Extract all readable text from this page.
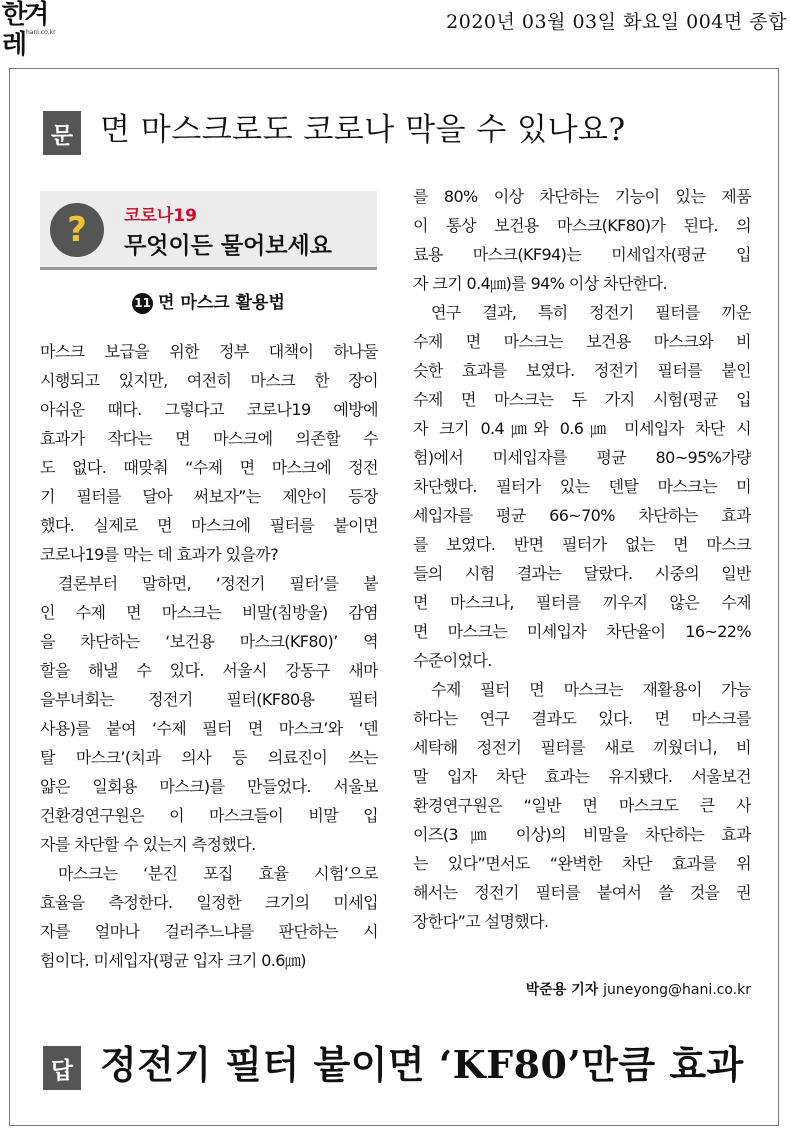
한겨레 hani.co.kr	2020년 03월 03일 화요일 004면 종합
문 면 마스크로도 코로나 막을 수 있나요?
?	코로나19
무엇이든 물어보세요
11 면 마스크 활용법
마스크 보급을 위한 정부 대책이 하나둘
시행되고 있지만, 여전히 마스크 한 장이
아쉬운 때다. 그렇다고 코로나19 예방에
효과가 작다는 면 마스크에 의존할 수
도 없다. 때맞춰 “수제 면 마스크에 정전
기 필터를 달아 써보자”는 제안이 등장
했다. 실제로 면 마스크에 필터를 붙이면
코로나19를 막는 데 효과가 있을까?
결론부터 말하면, ‘정전기 필터’를 붙
인 수제 면 마스크는 비말(침방울) 감염
을 차단하는 ‘보건용 마스크(KF80)’ 역
할을 해낼 수 있다. 서울시 강동구 새마
을부녀회는 정전기 필터(KF80용 필터
사용)를 붙여 ‘수제 필터 면 마스크’와 ‘덴
탈 마스크’(치과 의사 등 의료진이 쓰는
얇은 일회용 마스크)를 만들었다. 서울보
건환경연구원은 이 마스크들이 비말 입
자를 차단할 수 있는지 측정했다.
마스크는 ‘분진 포집 효율 시험’으로
효율을 측정한다. 일정한 크기의 미세입
자를 얼마나 걸러주느냐를 판단하는 시
험이다. 미세입자(평균 입자 크기 0.6㎛)
를 80% 이상 차단하는 기능이 있는 제품
이 통상 보건용 마스크(KF80)가 된다. 의
료용 마스크(KF94)는 미세입자(평균 입
자 크기 0.4㎛)를 94% 이상 차단한다.
연구 결과, 특히 정전기 필터를 끼운
수제 면 마스크는 보건용 마스크와 비
슷한 효과를 보였다. 정전기 필터를 붙인
수제 면 마스크는 두 가지 시험(평균 입
자 크기 0.4㎛와 0.6㎛ 미세입자 차단 시
험)에서 미세입자를 평균 80~95%가량
차단했다. 필터가 있는 덴탈 마스크는 미
세입자를 평균 66~70% 차단하는 효과
를 보였다. 반면 필터가 없는 면 마스크
들의 시험 결과는 달랐다. 시중의 일반
면 마스크나, 필터를 끼우지 않은 수제
면 마스크는 미세입자 차단율이 16~22%
수준이었다.
수제 필터 면 마스크는 재활용이 가능
하다는 연구 결과도 있다. 면 마스크를
세탁해 정전기 필터를 새로 끼웠더니, 비
말 입자 차단 효과는 유지됐다. 서울보건
환경연구원은 “일반 면 마스크도 큰 사
이즈(3㎛ 이상)의 비말을 차단하는 효과
는 있다”면서도 “완벽한 차단 효과를 위
해서는 정전기 필터를 붙여서 쓸 것을 권
장한다”고 설명했다.
박준용 기자 juneyong@hani.co.kr
답 정전기 필터 붙이면 ‘KF80’만큼 효과
